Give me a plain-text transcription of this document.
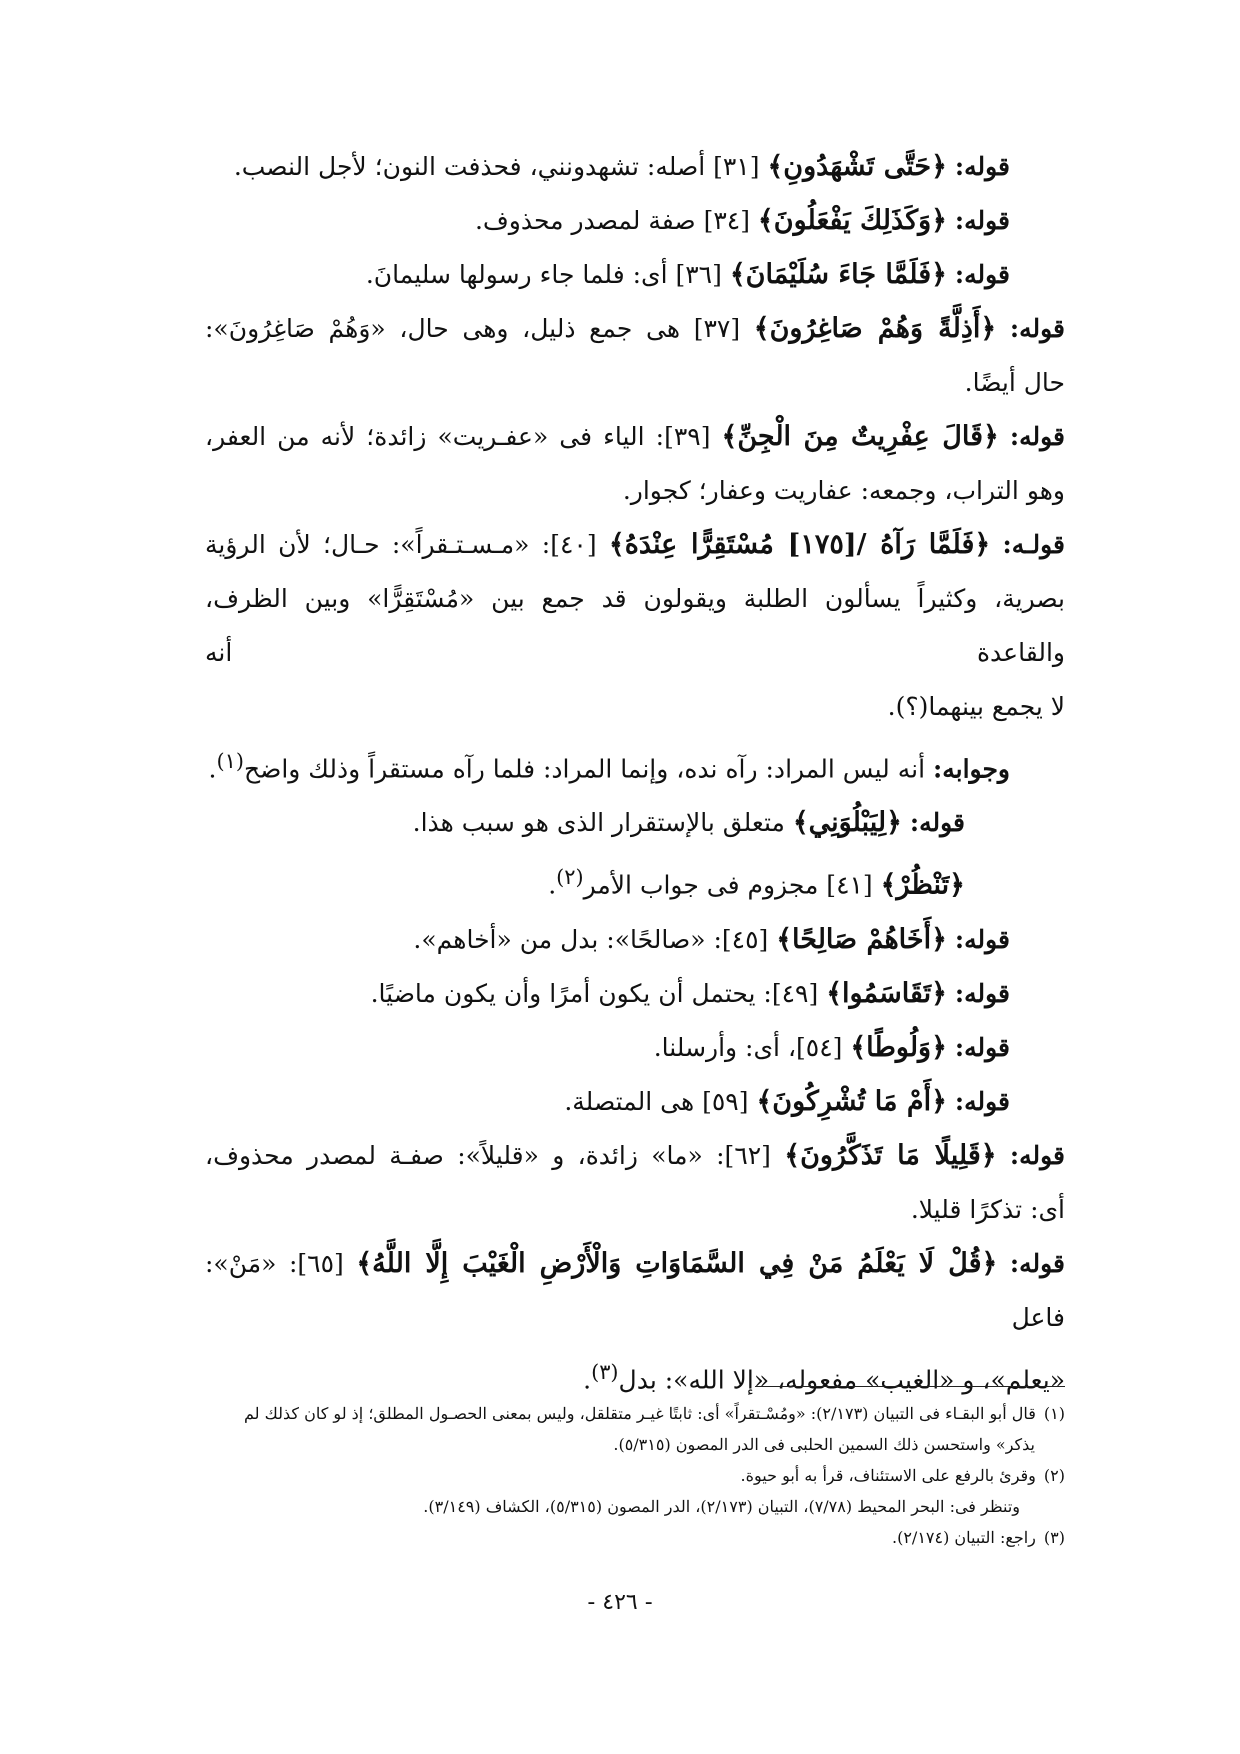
قوله: ﴿حَتَّى تَشْهَدُونِ﴾ [٣١] أصله: تشهدونني، فحذفت النون؛ لأجل النصب.
قوله: ﴿وَكَذَلِكَ يَفْعَلُونَ﴾ [٣٤] صفة لمصدر محذوف.
قوله: ﴿فَلَمَّا جَاءَ سُلَيْمَانَ﴾ [٣٦] أى: فلما جاء رسولها سليمانَ.
قوله: ﴿أَذِلَّةً وَهُمْ صَاغِرُونَ﴾ [٣٧] هى جمع ذليل، وهى حال، «وَهُمْ صَاغِرُونَ»:
حال أيضًا.
قوله: ﴿قَالَ عِفْرِيتٌ مِنَ الْجِنِّ﴾ [٣٩]: الياء فى «عفـريت» زائدة؛ لأنه من العفر،
وهو التراب، وجمعه: عفاريت وعفار؛ كجوار.
قولـه: ﴿فَلَمَّا رَآهُ /[١٧٥] مُسْتَقِرًّا عِنْدَهُ﴾ [٤٠]: «مـسـتـقراً»: حـال؛ لأن الرؤية
بصرية، وكثيراً يسألون الطلبة ويقولون قد جمع بين «مُسْتَقِرًّا» وبين الظرف، والقاعدة أنه
لا يجمع بينهما(؟).
وجوابه: أنه ليس المراد: رآه نده، وإنما المراد: فلما رآه مستقراً وذلك واضح$^{(١)}$.
قوله: ﴿لِيَبْلُوَنِي﴾ متعلق بالإستقرار الذى هو سبب هذا.
﴿تَنْظُرْ﴾ [٤١] مجزوم فى جواب الأمر$^{(٢)}$.
قوله: ﴿أَخَاهُمْ صَالِحًا﴾ [٤٥]: «صالحًا»: بدل من «أخاهم».
قوله: ﴿تَقَاسَمُوا﴾ [٤٩]: يحتمل أن يكون أمرًا وأن يكون ماضيًا.
قوله: ﴿وَلُوطًا﴾ [٥٤]، أى: وأرسلنا.
قوله: ﴿أَمْ مَا تُشْرِكُونَ﴾ [٥٩] هى المتصلة.
قوله: ﴿قَلِيلًا مَا تَذَكَّرُونَ﴾ [٦٢]: «ما» زائدة، و «قليلاً»: صفـة لمصدر محذوف،
أى: تذكرًا قليلا.
قوله: ﴿قُلْ لَا يَعْلَمُ مَنْ فِي السَّمَاوَاتِ وَالْأَرْضِ الْغَيْبَ إِلَّا اللَّهُ﴾ [٦٥]: «مَنْ»: فاعل
«يعلم»، و «الغيب» مفعوله، «إلا الله»: بدل$^{(٣)}$.
(١)قال أبو البقـاء فى التبيان (٢/١٧٣): «ومُسْـتقراً» أى: ثابتًا غيـر متقلقل، وليس بمعنى الحصـول المطلق؛ إذ لو كان كذلك لم
يذكر» واستحسن ذلك السمين الحلبى فى الدر المصون (٥/٣١٥).
(٢)وقرئ بالرفع على الاستئناف، قرأ به أبو حيوة.
وتنظر فى: البحر المحيط (٧/٧٨)، التبيان (٢/١٧٣)، الدر المصون (٥/٣١٥)، الكشاف (٣/١٤٩).
(٣)راجع: التبيان (٢/١٧٤).
- ٤٢٦ -
